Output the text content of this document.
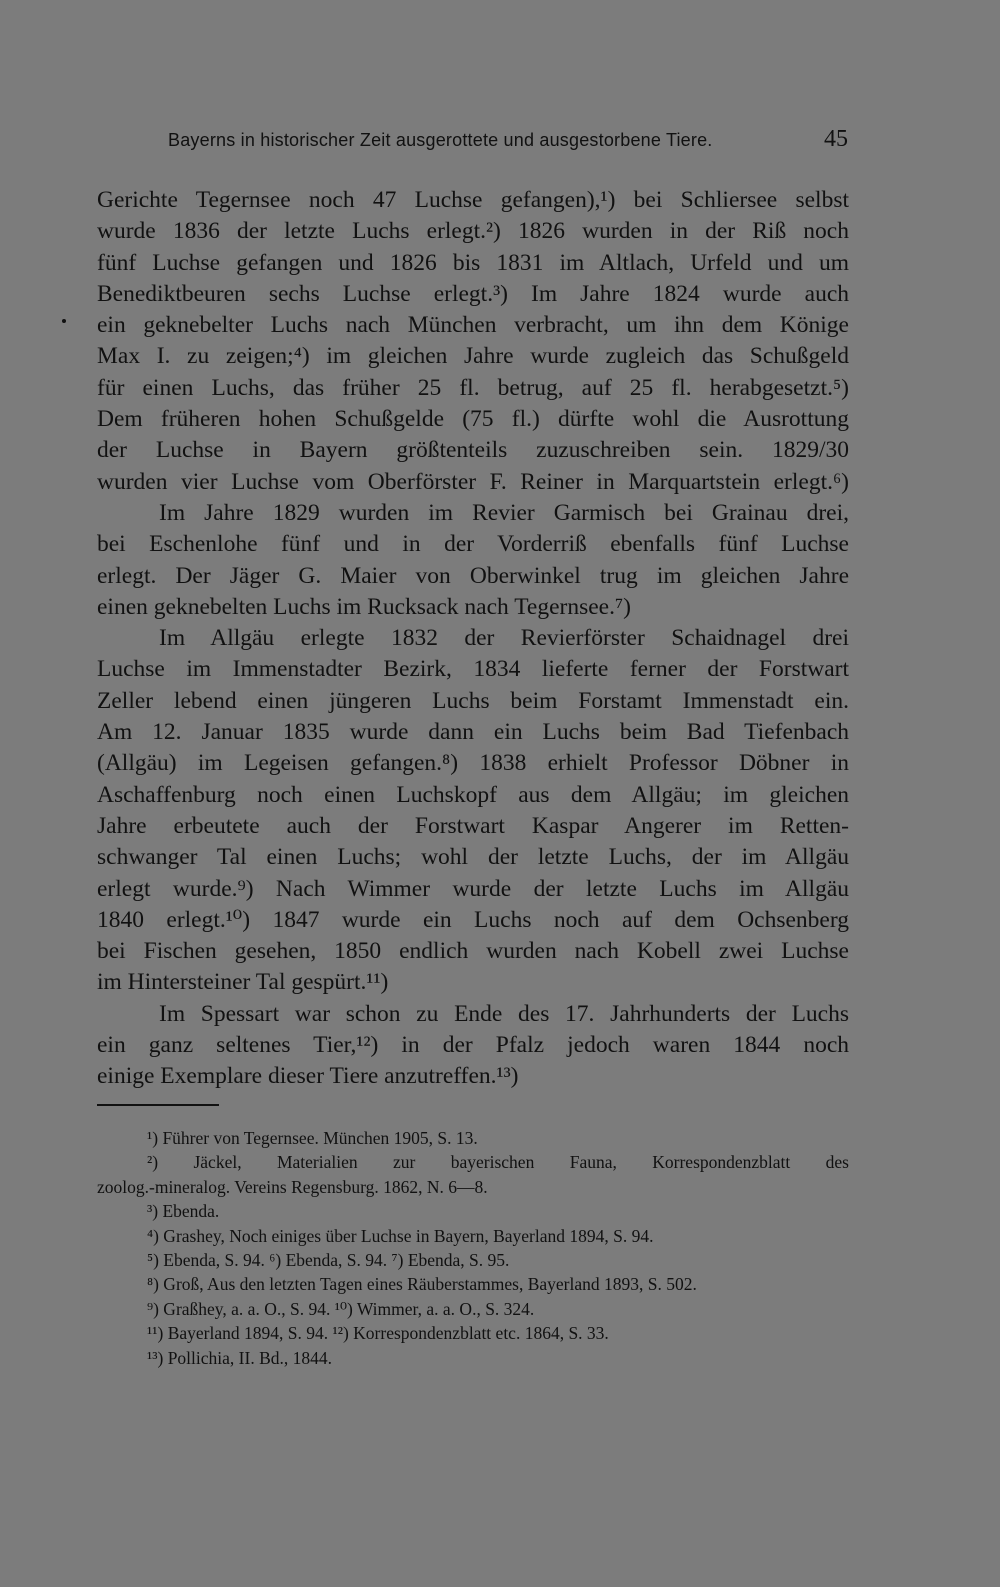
Bayerns in historischer Zeit ausgerottete und ausgestorbene Tiere.	45
Gerichte Tegernsee noch 47 Luchse gefangen),¹) bei Schliersee selbst
wurde 1836 der letzte Luchs erlegt.²) 1826 wurden in der Riß noch
fünf Luchse gefangen und 1826 bis 1831 im Altlach, Urfeld und um
Benediktbeuren sechs Luchse erlegt.³) Im Jahre 1824 wurde auch
ein geknebelter Luchs nach München verbracht, um ihn dem Könige
Max I. zu zeigen;⁴) im gleichen Jahre wurde zugleich das Schußgeld
für einen Luchs, das früher 25 fl. betrug, auf 25 fl. herabgesetzt.⁵)
Dem früheren hohen Schußgelde (75 fl.) dürfte wohl die Ausrottung
der Luchse in Bayern größtenteils zuzuschreiben sein. 1829/30
wurden vier Luchse vom Oberförster F. Reiner in Marquartstein erlegt.⁶)
Im Jahre 1829 wurden im Revier Garmisch bei Grainau drei,
bei Eschenlohe fünf und in der Vorderriß ebenfalls fünf Luchse
erlegt. Der Jäger G. Maier von Oberwinkel trug im gleichen Jahre
einen geknebelten Luchs im Rucksack nach Tegernsee.⁷)
Im Allgäu erlegte 1832 der Revierförster Schaidnagel drei
Luchse im Immenstadter Bezirk, 1834 lieferte ferner der Forstwart
Zeller lebend einen jüngeren Luchs beim Forstamt Immenstadt ein.
Am 12. Januar 1835 wurde dann ein Luchs beim Bad Tiefenbach
(Allgäu) im Legeisen gefangen.⁸) 1838 erhielt Professor Döbner in
Aschaffenburg noch einen Luchskopf aus dem Allgäu; im gleichen
Jahre erbeutete auch der Forstwart Kaspar Angerer im Retten-
schwanger Tal einen Luchs; wohl der letzte Luchs, der im Allgäu
erlegt wurde.⁹) Nach Wimmer wurde der letzte Luchs im Allgäu
1840 erlegt.¹⁰) 1847 wurde ein Luchs noch auf dem Ochsenberg
bei Fischen gesehen, 1850 endlich wurden nach Kobell zwei Luchse
im Hintersteiner Tal gespürt.¹¹)
Im Spessart war schon zu Ende des 17. Jahrhunderts der Luchs
ein ganz seltenes Tier,¹²) in der Pfalz jedoch waren 1844 noch
einige Exemplare dieser Tiere anzutreffen.¹³)
¹) Führer von Tegernsee. München 1905, S. 13.
²) Jäckel, Materialien zur bayerischen Fauna, Korrespondenzblatt des
zoolog.-mineralog. Vereins Regensburg. 1862, N. 6—8.
³) Ebenda.
⁴) Grashey, Noch einiges über Luchse in Bayern, Bayerland 1894, S. 94.
⁵) Ebenda, S. 94. ⁶) Ebenda, S. 94. ⁷) Ebenda, S. 95.
⁸) Groß, Aus den letzten Tagen eines Räuberstammes, Bayerland 1893, S. 502.
⁹) Graßhey, a. a. O., S. 94. ¹⁰) Wimmer, a. a. O., S. 324.
¹¹) Bayerland 1894, S. 94. ¹²) Korrespondenzblatt etc. 1864, S. 33.
¹³) Pollichia, II. Bd., 1844.
